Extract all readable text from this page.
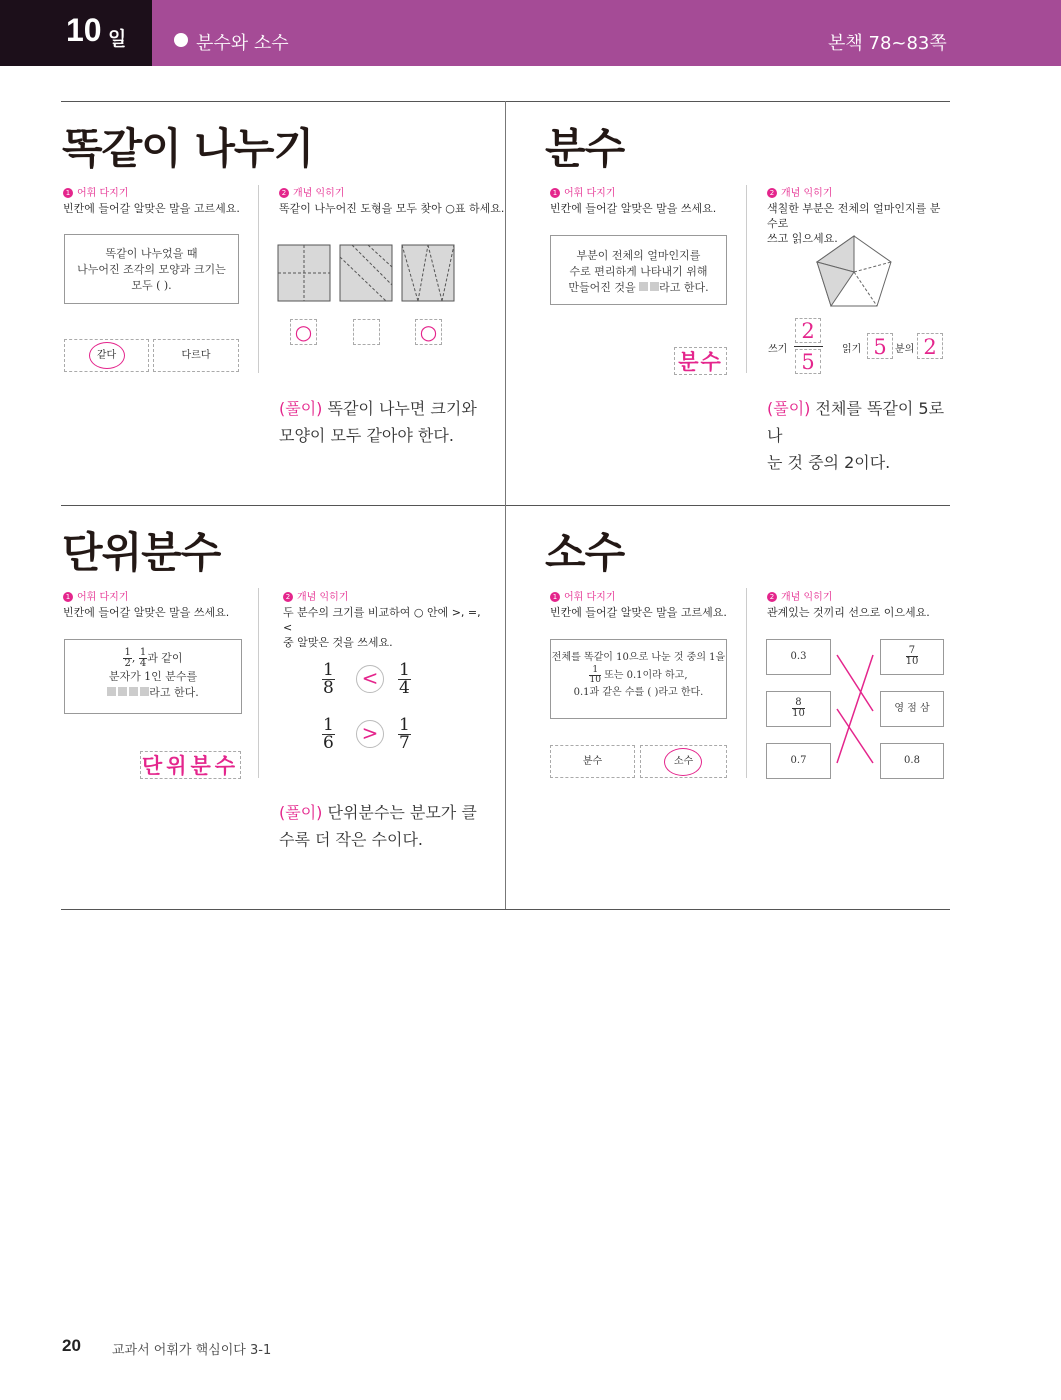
10 일	분수와 소수	본책 78~83쪽
똑같이 나누기
1 어휘 다지기
빈칸에 들어갈 알맞은 말을 고르세요.
똑같이 나누었을 때
나누어진 조각의 모양과 크기는
모두 ( ).
같다	다르다
2 개념 익히기
똑같이 나누어진 도형을 모두 찾아 ○표 하세요.
○	○
(풀이) 똑같이 나누면 크기와
모양이 모두 같아야 한다.
분수
1 어휘 다지기
빈칸에 들어갈 알맞은 말을 쓰세요.
부분이 전체의 얼마인지를
수로 편리하게 나타내기 위해
만들어진 것을 라고 한다.
분수
2 개념 익히기
색칠한 부분은 전체의 얼마인지를 분수로
쓰고 읽으세요.
쓰기
2
5
읽기 5 분의 2
(풀이) 전체를 똑같이 5로 나
눈 것 중의 2이다.
단위분수
1 어휘 다지기
빈칸에 들어갈 알맞은 말을 쓰세요.
$\frac{1}{2}$ , $\frac{1}{4}$ 과 같이
분자가 1인 분수를
라고 한다.
단위분수
2 개념 익히기
두 분수의 크기를 비교하여 ○ 안에 >, =, <
중 알맞은 것을 쓰세요.
$\frac{1}{8}$ <	$\frac{1}{4}$
$\frac{1}{6}$ >	$\frac{1}{7}$
(풀이) 단위분수는 분모가 클
수록 더 작은 수이다.
소수
1 어휘 다지기
빈칸에 들어갈 알맞은 말을 고르세요.
전체를 똑같이 10으로 나눈 것 중의 1을
$\frac{1}{10}$ 또는 0.1이라 하고,
0.1과 같은 수를 ( )라고 한다.
분수	소수
2 개념 익히기
관계있는 것끼리 선으로 이으세요.
0.3
$\frac{8}{10}$
0.7
$\frac{7}{10}$
영 점 삼
0.8
20 교과서 어휘가 핵심이다 3-1
